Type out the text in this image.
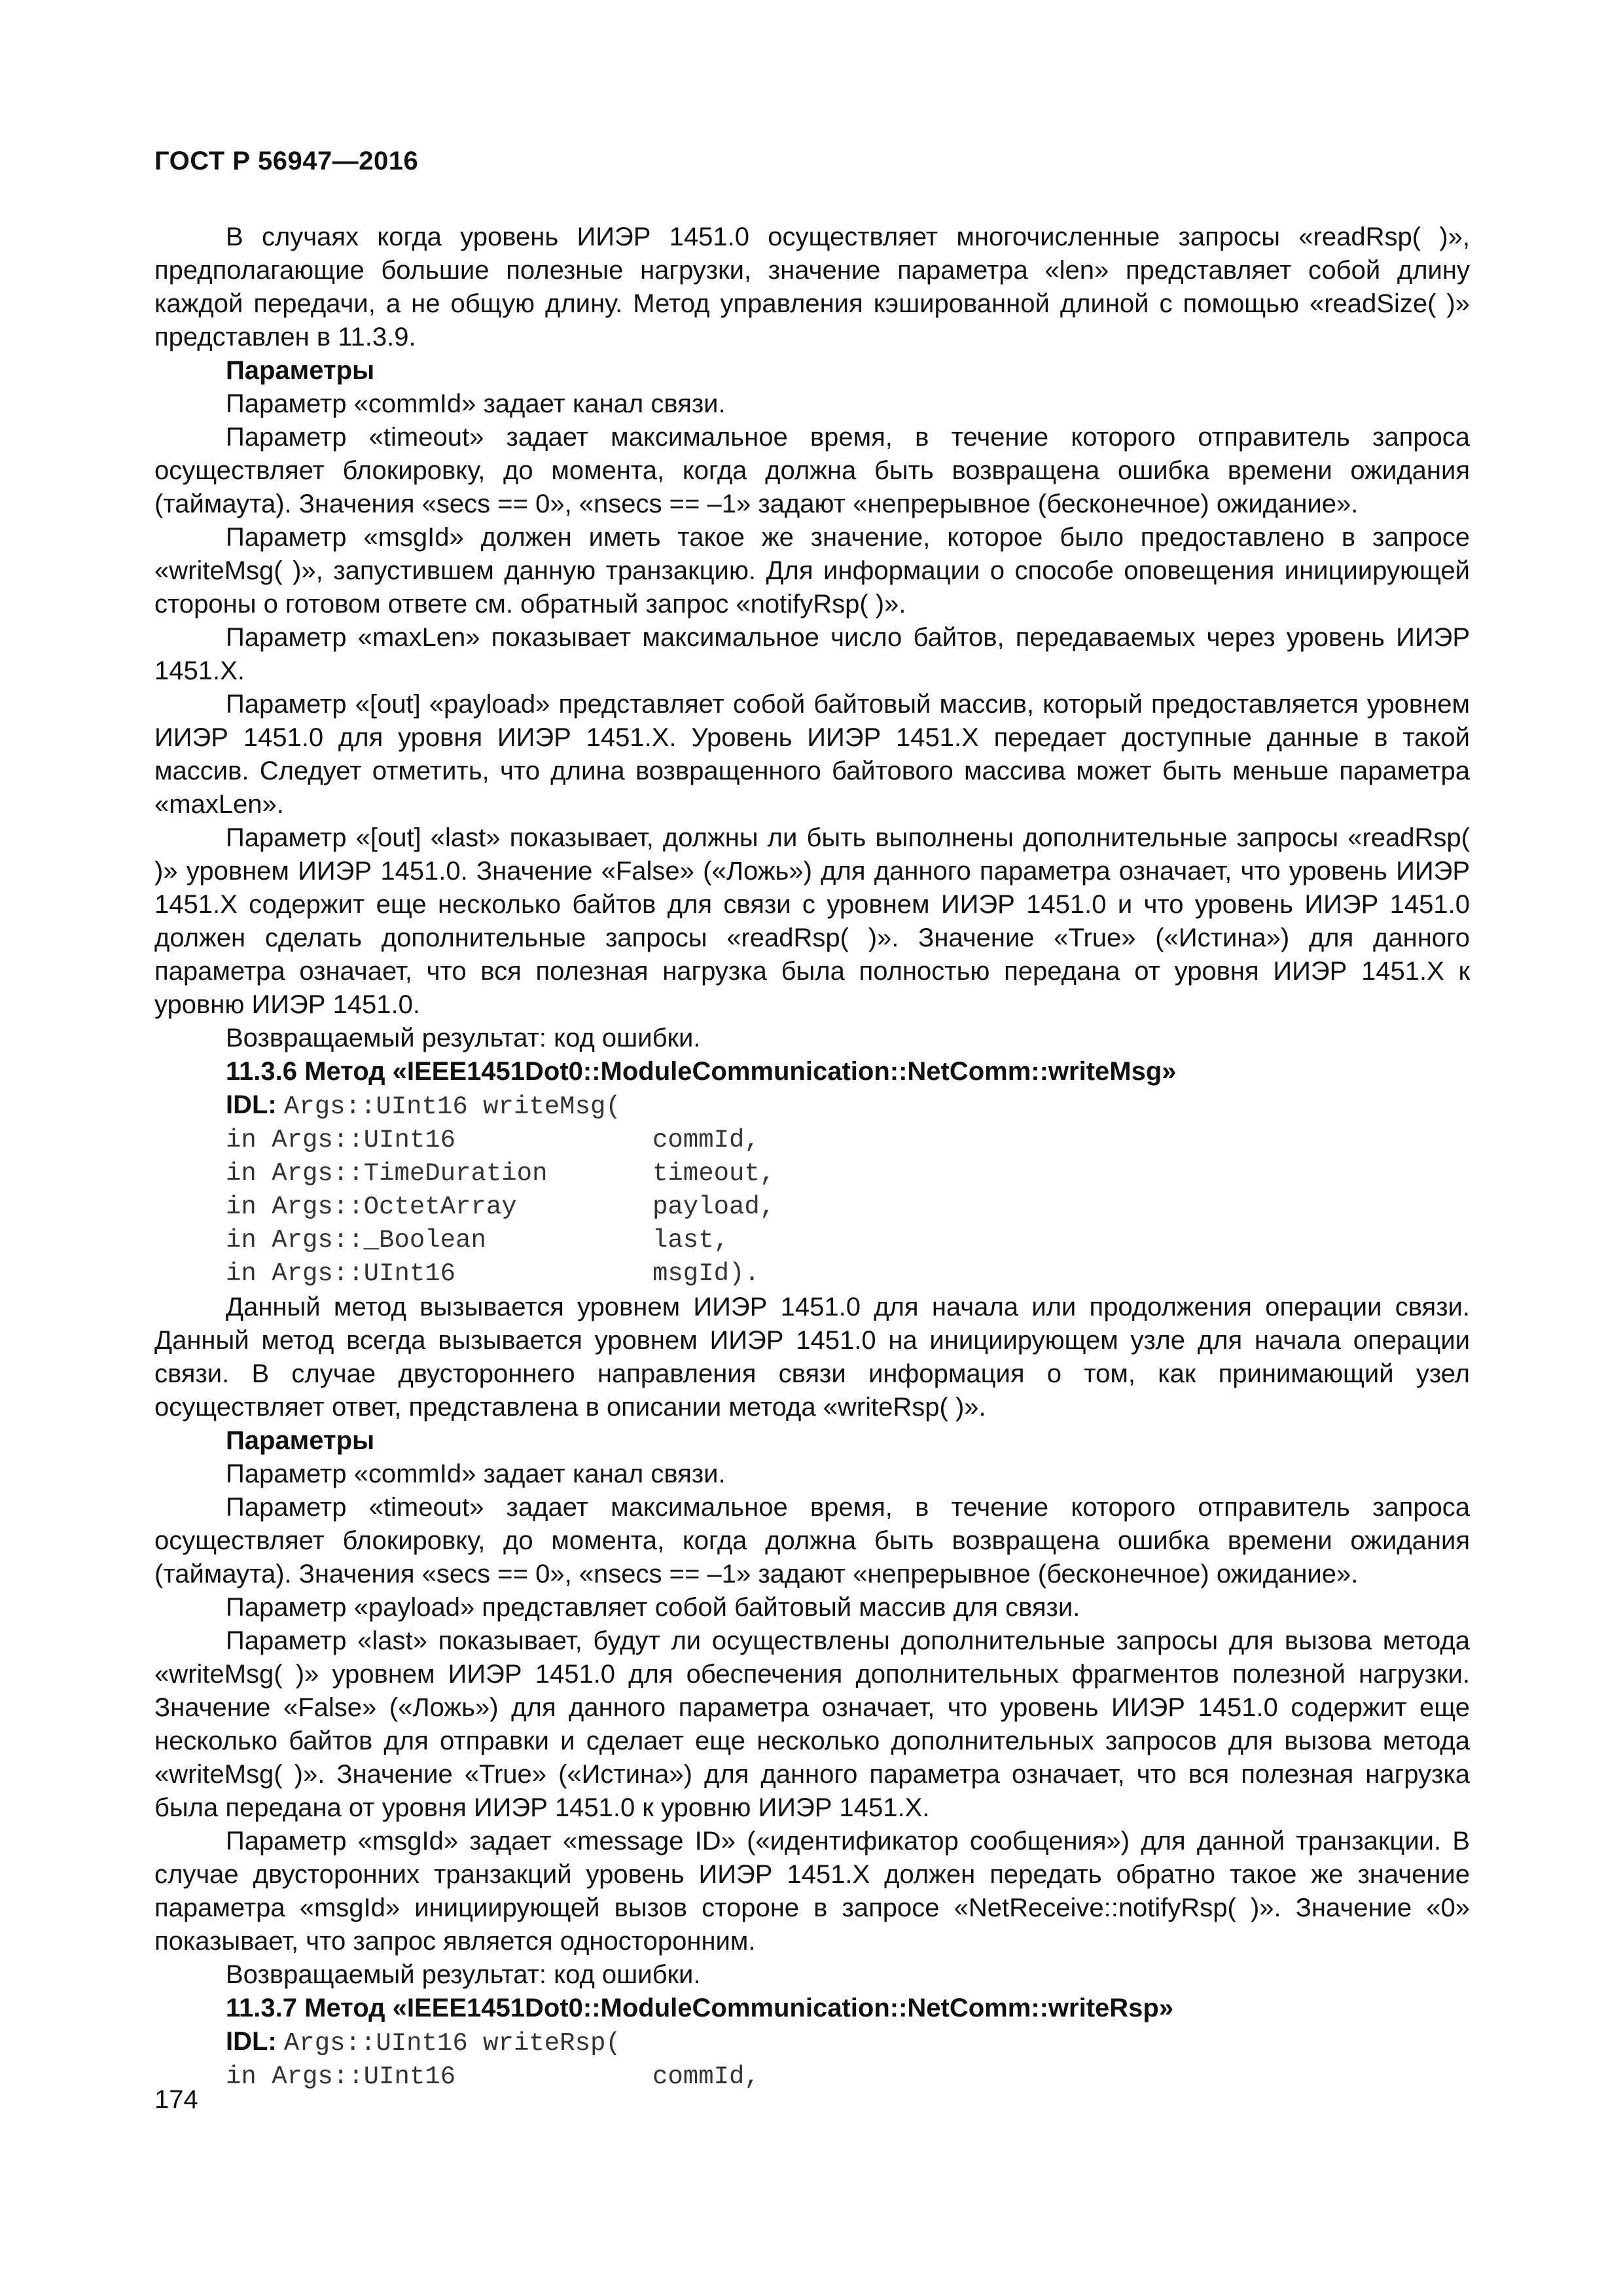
ГОСТ Р 56947—2016

В случаях когда уровень ИИЭР 1451.0 осуществляет многочисленные запросы «readRsp( )», предполагающие большие полезные нагрузки, значение параметра «len» представляет собой длину каждой передачи, а не общую длину. Метод управления кэшированной длиной с помощью «readSize( )» представлен в 11.3.9.

Параметры

Параметр «commId» задает канал связи.

Параметр «timeout» задает максимальное время, в течение которого отправитель запроса осуществляет блокировку, до момента, когда должна быть возвращена ошибка времени ожидания (таймаута). Значения «secs == 0», «nsecs == –1» задают «непрерывное (бесконечное) ожидание».

Параметр «msgId» должен иметь такое же значение, которое было предоставлено в запросе «writeMsg( )», запустившем данную транзакцию. Для информации о способе оповещения инициирующей стороны о готовом ответе см. обратный запрос «notifyRsp( )».

Параметр «maxLen» показывает максимальное число байтов, передаваемых через уровень ИИЭР 1451.X.

Параметр «[out] «payload» представляет собой байтовый массив, который предоставляется уровнем ИИЭР 1451.0 для уровня ИИЭР 1451.X. Уровень ИИЭР 1451.X передает доступные данные в такой массив. Следует отметить, что длина возвращенного байтового массива может быть меньше параметра «maxLen».

Параметр «[out] «last» показывает, должны ли быть выполнены дополнительные запросы «readRsp( )» уровнем ИИЭР 1451.0. Значение «False» («Ложь») для данного параметра означает, что уровень ИИЭР 1451.X содержит еще несколько байтов для связи с уровнем ИИЭР 1451.0 и что уровень ИИЭР 1451.0 должен сделать дополнительные запросы «readRsp( )». Значение «True» («Истина») для данного параметра означает, что вся полезная нагрузка была полностью передана от уровня ИИЭР 1451.X к уровню ИИЭР 1451.0.

Возвращаемый результат: код ошибки.

11.3.6 Метод «IEEE1451Dot0::ModuleCommunication::NetComm::writeMsg»

IDL: Args::UInt16 writeMsg(

in Args::UInt16	commId,

in Args::TimeDuration	timeout,

in Args::OctetArray	payload,

in Args::_Boolean	last,

in Args::UInt16	msgId).

Данный метод вызывается уровнем ИИЭР 1451.0 для начала или продолжения операции связи. Данный метод всегда вызывается уровнем ИИЭР 1451.0 на инициирующем узле для начала операции связи. В случае двустороннего направления связи информация о том, как принимающий узел осуществляет ответ, представлена в описании метода «writeRsp( )».

Параметры

Параметр «commId» задает канал связи.

Параметр «timeout» задает максимальное время, в течение которого отправитель запроса осуществляет блокировку, до момента, когда должна быть возвращена ошибка времени ожидания (таймаута). Значения «secs == 0», «nsecs == –1» задают «непрерывное (бесконечное) ожидание».

Параметр «payload» представляет собой байтовый массив для связи.

Параметр «last» показывает, будут ли осуществлены дополнительные запросы для вызова метода «writeMsg( )» уровнем ИИЭР 1451.0 для обеспечения дополнительных фрагментов полезной нагрузки. Значение «False» («Ложь») для данного параметра означает, что уровень ИИЭР 1451.0 содержит еще несколько байтов для отправки и сделает еще несколько дополнительных запросов для вызова метода «writeMsg( )». Значение «True» («Истина») для данного параметра означает, что вся полезная нагрузка была передана от уровня ИИЭР 1451.0 к уровню ИИЭР 1451.X.

Параметр «msgId» задает «message ID» («идентификатор сообщения») для данной транзакции. В случае двусторонних транзакций уровень ИИЭР 1451.X должен передать обратно такое же значение параметра «msgId» инициирующей вызов стороне в запросе «NetReceive::notifyRsp( )». Значение «0» показывает, что запрос является односторонним.

Возвращаемый результат: код ошибки.

11.3.7 Метод «IEEE1451Dot0::ModuleCommunication::NetComm::writeRsp»

IDL: Args::UInt16 writeRsp(

in Args::UInt16	commId,

174
